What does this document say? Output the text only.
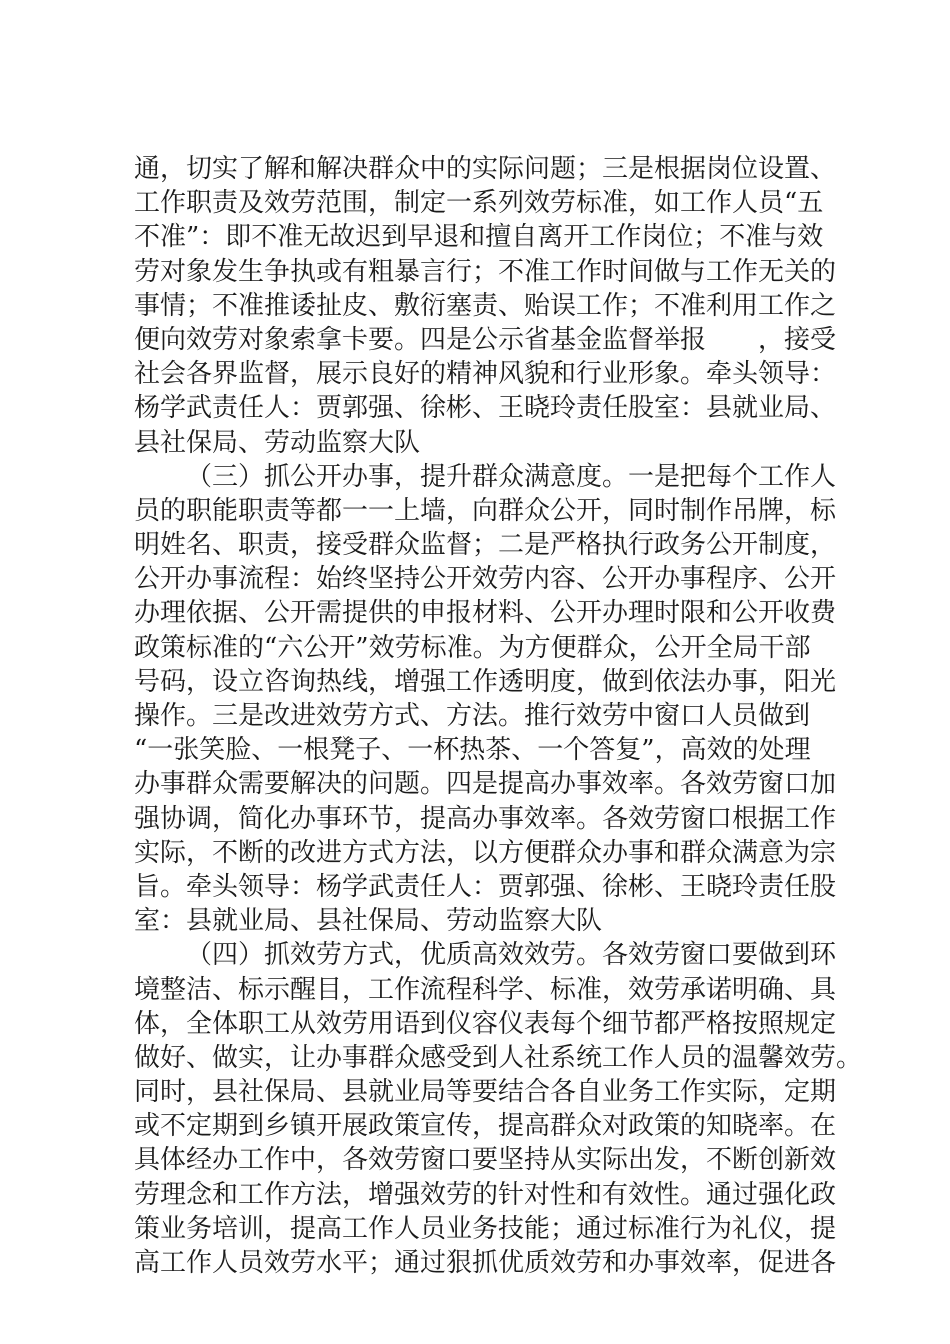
通，切实了解和解决群众中的实际问题；三是根据岗位设置、
工作职责及效劳范围，制定一系列效劳标准，如工作人员“五
不准”：即不准无故迟到早退和擅自离开工作岗位；不准与效
劳对象发生争执或有粗暴言行；不准工作时间做与工作无关的
事情；不准推诿扯皮、敷衍塞责、贻误工作；不准利用工作之
便向效劳对象索拿卡要。四是公示省基金监督举报　　，接受
社会各界监督，展示良好的精神风貌和行业形象。牵头领导：
杨学武责任人：贾郭强、徐彬、王晓玲责任股室：县就业局、
县社保局、劳动监察大队
（三）抓公开办事，提升群众满意度。一是把每个工作人
员的职能职责等都一一上墙，向群众公开，同时制作吊牌，标
明姓名、职责，接受群众监督；二是严格执行政务公开制度，
公开办事流程：始终坚持公开效劳内容、公开办事程序、公开
办理依据、公开需提供的申报材料、公开办理时限和公开收费
政策标准的“六公开”效劳标准。为方便群众，公开全局干部
号码，设立咨询热线，增强工作透明度，做到依法办事，阳光
操作。三是改进效劳方式、方法。推行效劳中窗口人员做到
“一张笑脸、一根凳子、一杯热茶、一个答复”，高效的处理
办事群众需要解决的问题。四是提高办事效率。各效劳窗口加
强协调，简化办事环节，提高办事效率。各效劳窗口根据工作
实际，不断的改进方式方法，以方便群众办事和群众满意为宗
旨。牵头领导：杨学武责任人：贾郭强、徐彬、王晓玲责任股
室：县就业局、县社保局、劳动监察大队
（四）抓效劳方式，优质高效效劳。各效劳窗口要做到环
境整洁、标示醒目，工作流程科学、标准，效劳承诺明确、具
体，全体职工从效劳用语到仪容仪表每个细节都严格按照规定
做好、做实，让办事群众感受到人社系统工作人员的温馨效劳。
同时，县社保局、县就业局等要结合各自业务工作实际，定期
或不定期到乡镇开展政策宣传，提高群众对政策的知晓率。在
具体经办工作中，各效劳窗口要坚持从实际出发，不断创新效
劳理念和工作方法，增强效劳的针对性和有效性。通过强化政
策业务培训，提高工作人员业务技能；通过标准行为礼仪，提
高工作人员效劳水平；通过狠抓优质效劳和办事效率，促进各
